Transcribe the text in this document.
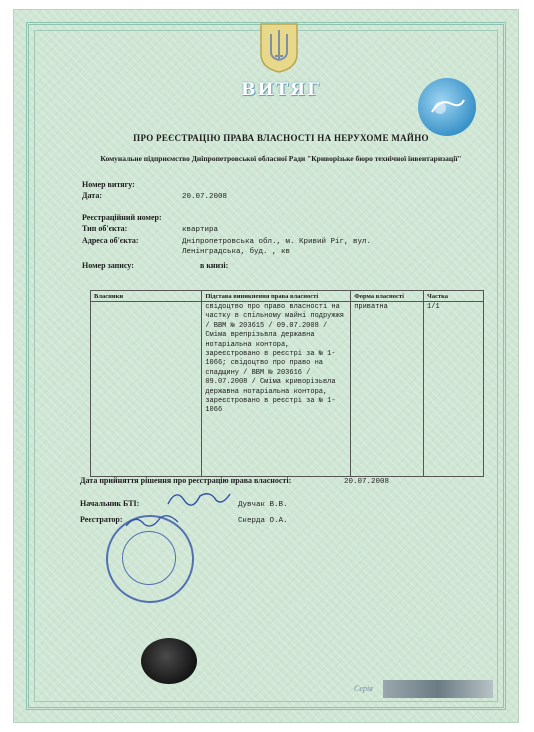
ВИТЯГ
ПРО РЕЄСТРАЦІЮ ПРАВА ВЛАСНОСТІ НА НЕРУХОМЕ МАЙНО
Комунальне підприємство Дніпропетровської обласної Ради "Криворізьке бюро технічної інвентаризації"
Номер витягу:
Дата:	20.07.2008
Реєстраційний номер:
Тип об'єкта:	квартира
Адреса об'єкта:	Дніпропетровська обл., м. Кривий Ріг, вул. Ленінградська, буд. , кв
Номер запису:	в книзі:
Власники	Підстава виникнення права власності	Форма власності	Частка
	свідоцтво про право власності на частку в спільному майні подружжя / ВВМ № 203615 / 09.07.2008 / Сміма врепрізьвла державна нотаріальна контора, зареєстровано в реєстрі за № 1-1066; свідоцтво про право на спадщину / ВВМ № 203616 / 09.07.2008 / Сміма криворізьвла державна нотаріальна контора, зареєстровано в реєстрі за № 1-1066	приватна	1/1
Дата прийняття рішення про реєстрацію права власності:	20.07.2008
Начальник БТІ:	Дувчак В.В.
Реєстратор:	Скерда О.А.
Серія
